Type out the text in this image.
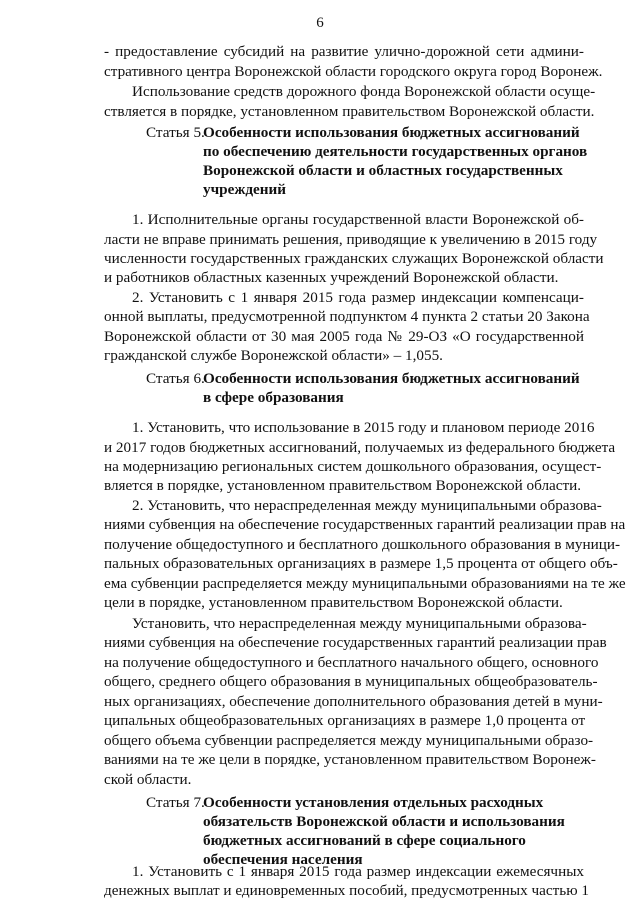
6
- предоставление субсидий на развитие улично-дорожной сети админи-
стративного центра Воронежской области городского округа город Воронеж.
Использование средств дорожного фонда Воронежской области осуще-
ствляется в порядке, установленном правительством Воронежской области.
Статья 5.
Особенности использования бюджетных ассигнований
по обеспечению деятельности государственных органов
Воронежской области и областных государственных
учреждений
1. Исполнительные органы государственной власти Воронежской об-
ласти не вправе принимать решения, приводящие к увеличению в 2015 году
численности государственных гражданских служащих Воронежской области
и работников областных казенных учреждений Воронежской области.
2. Установить с 1 января 2015 года размер индексации компенсаци-
онной выплаты, предусмотренной подпунктом 4 пункта 2 статьи 20 Закона
Воронежской области от 30 мая 2005 года № 29-ОЗ «О государственной
гражданской службе Воронежской области» – 1,055.
Статья 6.
Особенности использования бюджетных ассигнований
в сфере образования
1. Установить, что использование в 2015 году и плановом периоде 2016
и 2017 годов бюджетных ассигнований, получаемых из федерального бюджета
на модернизацию региональных систем дошкольного образования, осущест-
вляется в порядке, установленном правительством Воронежской области.
2. Установить, что нераспределенная между муниципальными образова-
ниями субвенция на обеспечение государственных гарантий реализации прав на
получение общедоступного и бесплатного дошкольного образования в муници-
пальных образовательных организациях в размере 1,5 процента от общего объ-
ема субвенции распределяется между муниципальными образованиями на те же
цели в порядке, установленном правительством Воронежской области.
Установить, что нераспределенная между муниципальными образова-
ниями субвенция на обеспечение государственных гарантий реализации прав
на получение общедоступного и бесплатного начального общего, основного
общего, среднего общего образования в муниципальных общеобразователь-
ных организациях, обеспечение дополнительного образования детей в муни-
ципальных общеобразовательных организациях в размере 1,0 процента от
общего объема субвенции распределяется между муниципальными образо-
ваниями на те же цели в порядке, установленном правительством Воронеж-
ской области.
Статья 7.
Особенности установления отдельных расходных
обязательств Воронежской области и использования
бюджетных ассигнований в сфере социального
обеспечения населения
1. Установить с 1 января 2015 года размер индексации ежемесячных
денежных выплат и единовременных пособий, предусмотренных частью 1
